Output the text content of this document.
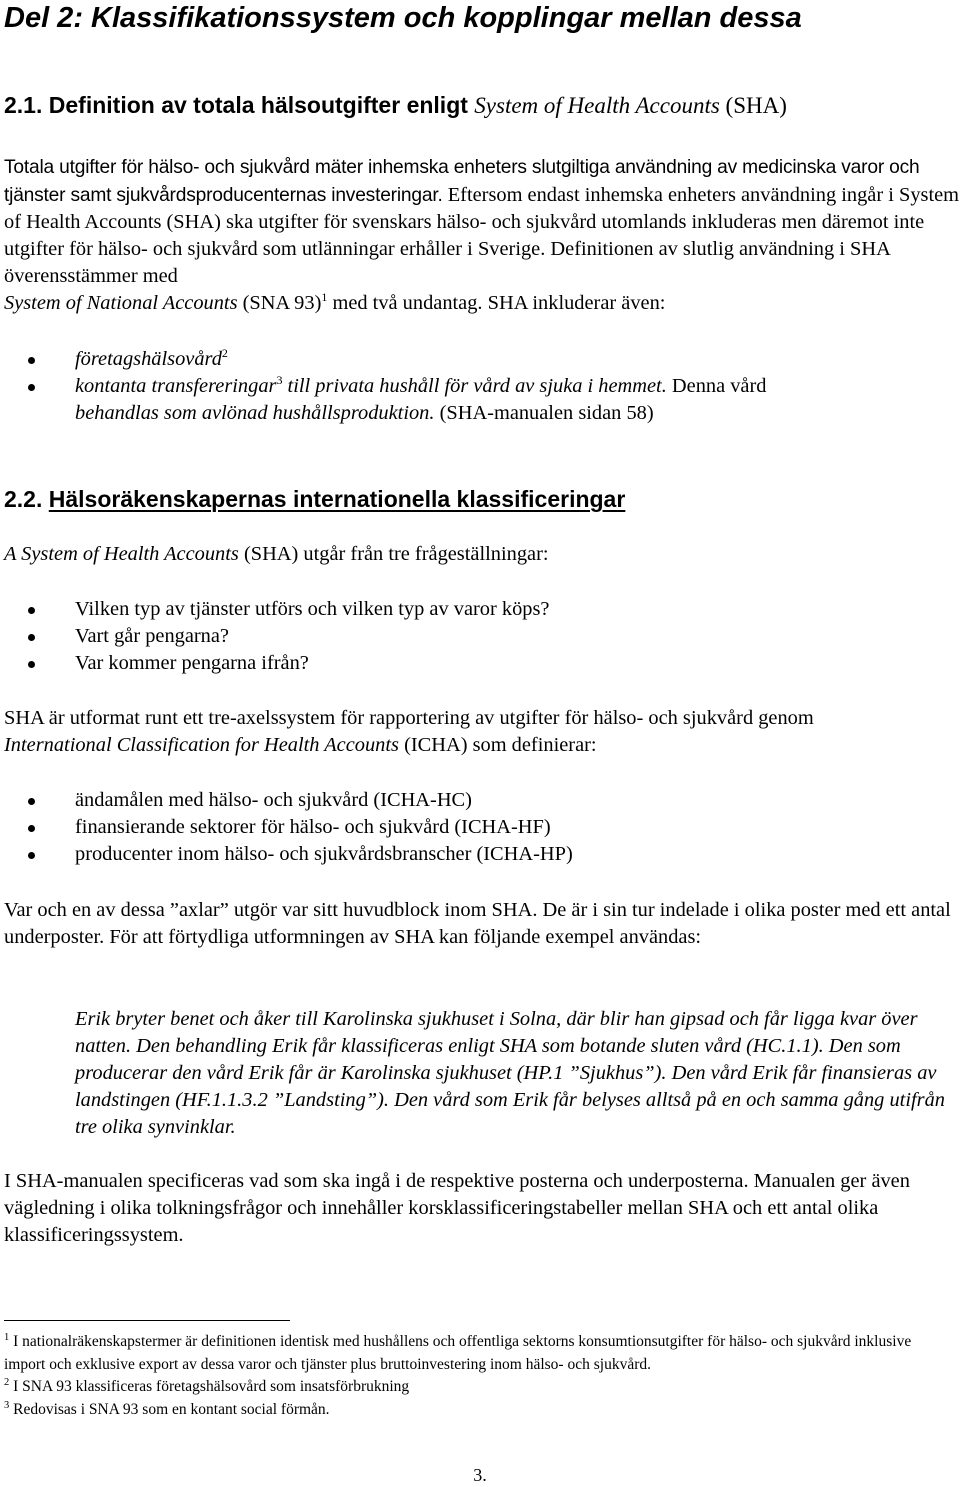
Del 2: Klassifikationssystem och kopplingar mellan dessa
2.1. Definition av totala hälsoutgifter enligt System of Health Accounts (SHA)
Totala utgifter för hälso- och sjukvård mäter inhemska enheters slutgiltiga användning av medicinska varor och tjänster samt sjukvårdsproducenternas investeringar. Eftersom endast inhemska enheters användning ingår i System of Health Accounts (SHA) ska utgifter för svenskars hälso- och sjukvård utomlands inkluderas men däremot inte utgifter för hälso- och sjukvård som utlänningar erhåller i Sverige. Definitionen av slutlig användning i SHA överensstämmer med
System of National Accounts (SNA 93)$^1$ med två undantag. SHA inkluderar även:
företagshälsovård$^2$
kontanta transfereringar$^3$ till privata hushåll för vård av sjuka i hemmet. Denna vård
behandlas som avlönad hushållsproduktion. (SHA-manualen sidan 58)
2.2. Hälsoräkenskapernas internationella klassificeringar
A System of Health Accounts (SHA) utgår från tre frågeställningar:
Vilken typ av tjänster utförs och vilken typ av varor köps?
Vart går pengarna?
Var kommer pengarna ifrån?
SHA är utformat runt ett tre-axelssystem för rapportering av utgifter för hälso- och sjukvård genom
International Classification for Health Accounts (ICHA) som definierar:
ändamålen med hälso- och sjukvård (ICHA-HC)
finansierande sektorer för hälso- och sjukvård (ICHA-HF)
producenter inom hälso- och sjukvårdsbranscher (ICHA-HP)
Var och en av dessa ”axlar” utgör var sitt huvudblock inom SHA. De är i sin tur indelade i olika poster med ett antal underposter. För att förtydliga utformningen av SHA kan följande exempel användas:
Erik bryter benet och åker till Karolinska sjukhuset i Solna, där blir han gipsad och får ligga kvar över natten. Den behandling Erik får klassificeras enligt SHA som botande sluten vård (HC.1.1). Den som producerar den vård Erik får är Karolinska sjukhuset (HP.1 ”Sjukhus”). Den vård Erik får finansieras av landstingen (HF.1.1.3.2 ”Landsting”). Den vård som Erik får belyses alltså på en och samma gång utifrån tre olika synvinklar.
I SHA-manualen specificeras vad som ska ingå i de respektive posterna och underposterna. Manualen ger även vägledning i olika tolkningsfrågor och innehåller korsklassificeringstabeller mellan SHA och ett antal olika klassificeringssystem.
$^1$ I nationalräkenskapstermer är definitionen identisk med hushållens och offentliga sektorns konsumtionsutgifter för hälso- och sjukvård inklusive import och exklusive export av dessa varor och tjänster plus bruttoinvestering inom hälso- och sjukvård.
$^2$ I SNA 93 klassificeras företagshälsovård som insatsförbrukning
$^3$ Redovisas i SNA 93 som en kontant social förmån.
3.
